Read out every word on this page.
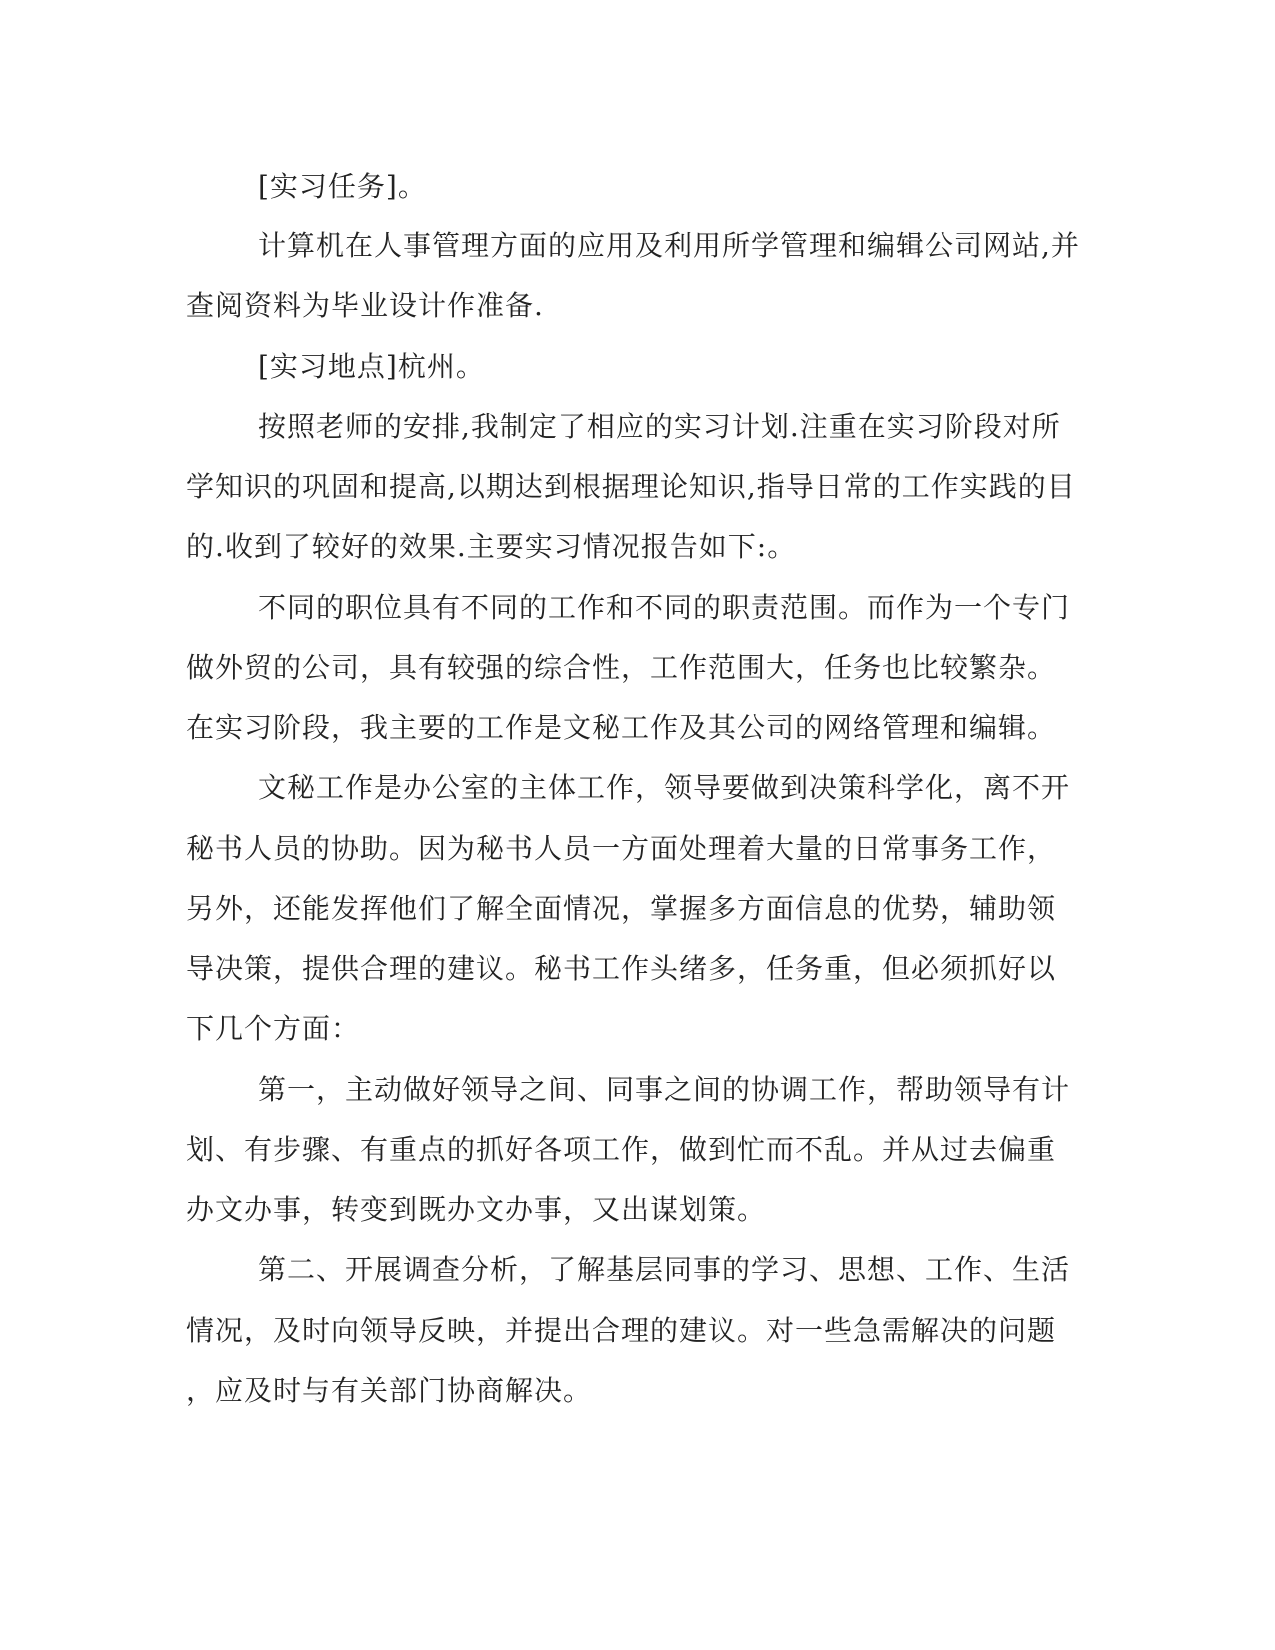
[实习任务]。

计算机在人事管理方面的应用及利用所学管理和编辑公司网站,并

查阅资料为毕业设计作准备.

[实习地点]杭州。

按照老师的安排,我制定了相应的实习计划.注重在实习阶段对所

学知识的巩固和提高,以期达到根据理论知识,指导日常的工作实践的目

的.收到了较好的效果.主要实习情况报告如下:。

不同的职位具有不同的工作和不同的职责范围。而作为一个专门

做外贸的公司，具有较强的综合性，工作范围大，任务也比较繁杂。

在实习阶段，我主要的工作是文秘工作及其公司的网络管理和编辑。

文秘工作是办公室的主体工作，领导要做到决策科学化，离不开

秘书人员的协助。因为秘书人员一方面处理着大量的日常事务工作，

另外，还能发挥他们了解全面情况，掌握多方面信息的优势，辅助领

导决策，提供合理的建议。秘书工作头绪多，任务重，但必须抓好以

下几个方面：

第一，主动做好领导之间、同事之间的协调工作，帮助领导有计

划、有步骤、有重点的抓好各项工作，做到忙而不乱。并从过去偏重

办文办事，转变到既办文办事，又出谋划策。

第二、开展调查分析，了解基层同事的学习、思想、工作、生活

情况，及时向领导反映，并提出合理的建议。对一些急需解决的问题

，应及时与有关部门协商解决。
